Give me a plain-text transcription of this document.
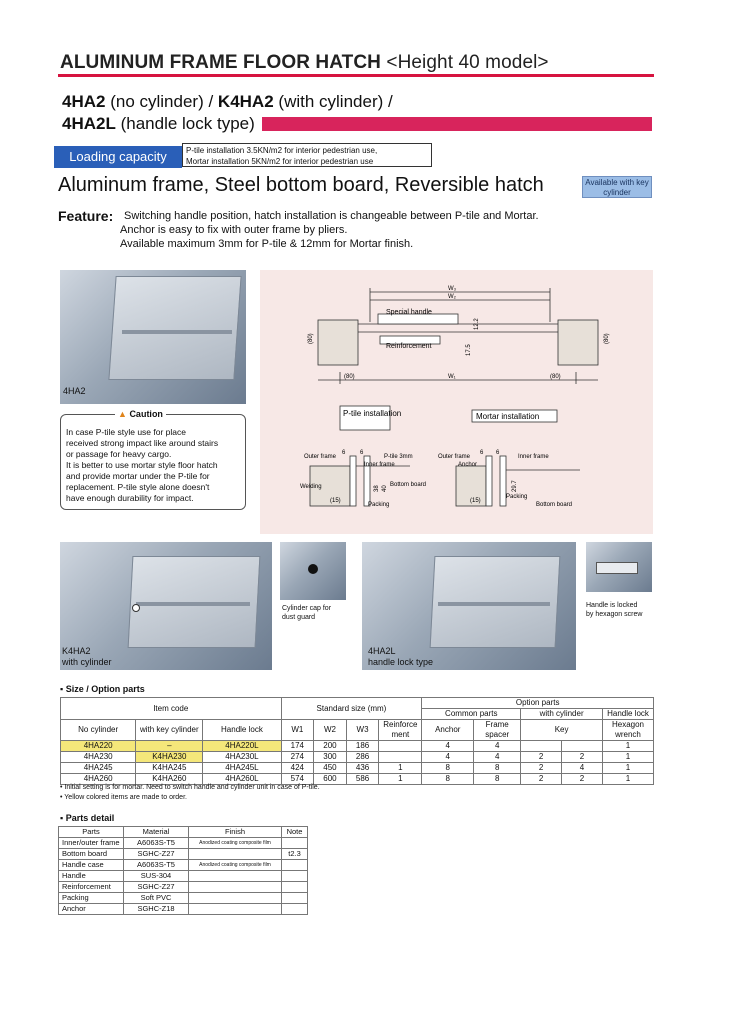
ALUMINUM FRAME FLOOR HATCH <Height 40 model>
4HA2 (no cylinder) / K4HA2 (with cylinder) /
4HA2L (handle lock type)
Loading capacity	P-tile installation 3.5KN/m2 for interior pedestrian use,
Mortar installation 5KN/m2 for interior pedestrian use
Aluminum frame, Steel bottom board, Reversible hatch	Available with key cylinder
Feature: Switching handle position, hatch installation is changeable between P-tile and Mortar.
Anchor is easy to fix with outer frame by pliers.
Available maximum 3mm for P-tile & 12mm for Mortar finish.
4HA2
In case P-tile style use for place
received strong impact like around stairs
or passage for heavy cargo.
It is better to use mortar style floor hatch
and provide mortar under the P-tile for
replacement. P-tile style alone doesn't
have enough durability for impact.
▲ Caution
W₃
W₂
Special handle
Reinforcement
W₁
(80)	(80)
(80)	(80)
17.5
12.2
P-tile installation	Mortar installation
Outer frame	Outer frame
Inner frame
Inner frame
P-tile 3mm
Anchor
Welding
Packing
Packing
Bottom board
Bottom board
6 6	6 6
(15)	(15)
38 40	29.7
K4HA2
with cylinder
Cylinder cap for
dust guard
4HA2L
handle lock type
Handle is locked
by hexagon screw
▪ Size / Option parts
Item code			Standard size (mm)				Option parts				
							Common parts		with cylinder		Handle lock
No cylinder	with key cylinder	Handle lock	W1	W2	W3	Reinforce ment	Anchor	Frame spacer	Key		Hexagon wrench
4HA220	–	4HA220L	174	200	186		4	4			1
4HA230	K4HA230	4HA230L	274	300	286		4	4	2	2	1
4HA245	K4HA245	4HA245L	424	450	436	1	8	8	2	4	1
4HA260	K4HA260	4HA260L	574	600	586	1	8	8	2	2	1
• Initial setting is for mortar. Need to switch handle and cylinder unit in case of P-tile.
• Yellow colored items are made to order.
▪ Parts detail
Parts	Material	Finish	Note
Inner/outer frame	A6063S-T5	Anodized coating composite film	
Bottom board	SGHC-Z27		t2.3
Handle case	A6063S-T5	Anodized coating composite film	
Handle	SUS-304		
Reinforcement	SGHC-Z27		
Packing	Soft PVC		
Anchor	SGHC-Z18		
